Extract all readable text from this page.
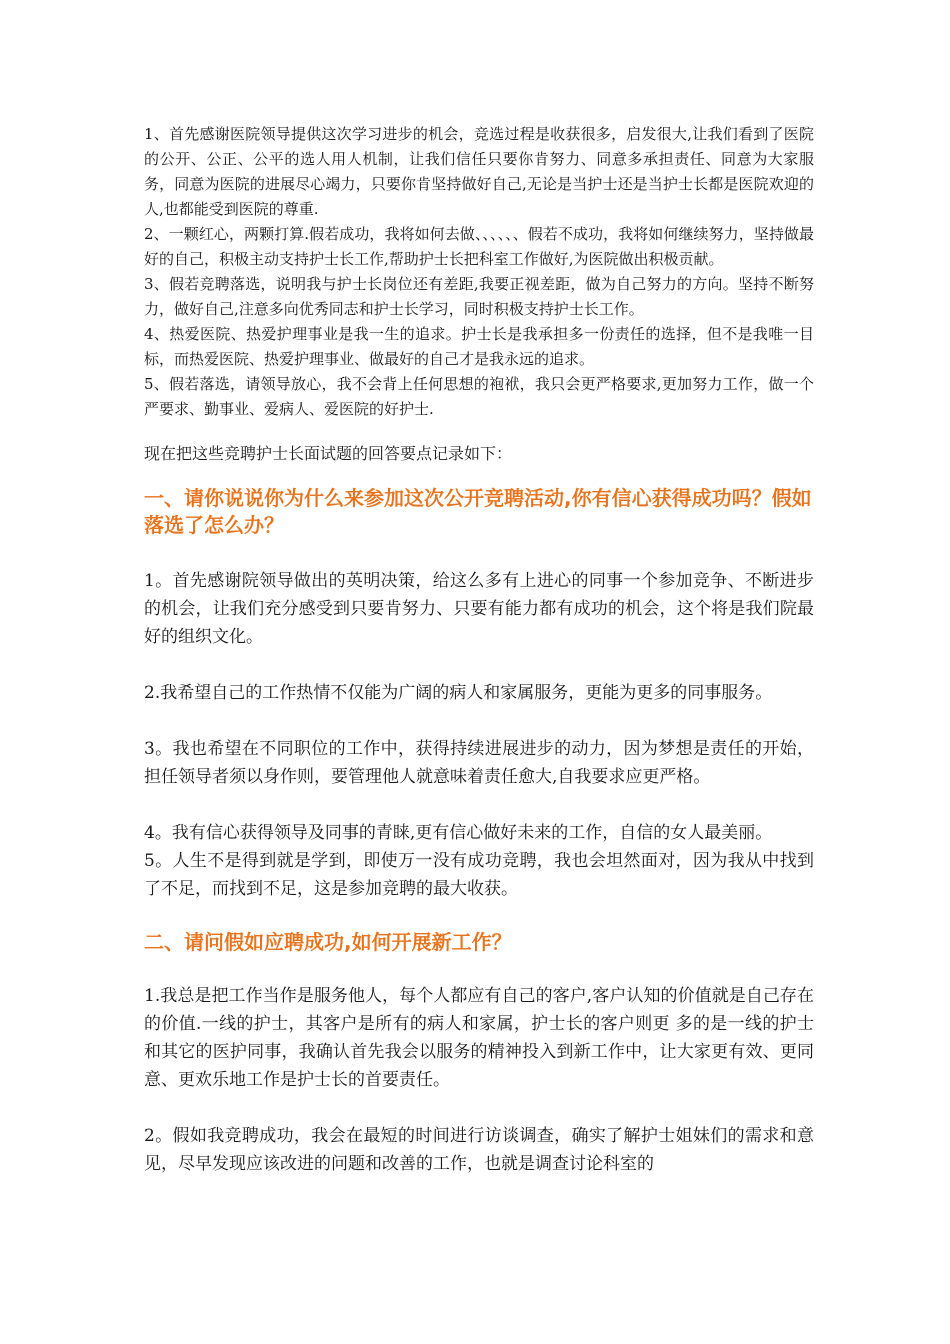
1、首先感谢医院领导提供这次学习进步的机会，竞选过程是收获很多，启发很大,让我们看到了医院的公开、公正、公平的选人用人机制，让我们信任只要你肯努力、同意多承担责任、同意为大家服务，同意为医院的进展尽心竭力，只要你肯坚持做好自己,无论是当护士还是当护士长都是医院欢迎的人,也都能受到医院的尊重.

2、一颗红心，两颗打算.假若成功，我将如何去做、、、、、、假若不成功，我将如何继续努力，坚持做最好的自己，积极主动支持护士长工作,帮助护士长把科室工作做好,为医院做出积极贡献。

3、假若竞聘落选，说明我与护士长岗位还有差距,我要正视差距，做为自己努力的方向。坚持不断努力，做好自己,注意多向优秀同志和护士长学习，同时积极支持护士长工作。

4、热爱医院、热爱护理事业是我一生的追求。护士长是我承担多一份责任的选择，但不是我唯一目标，而热爱医院、热爱护理事业、做最好的自己才是我永远的追求。

5、假若落选，请领导放心，我不会背上任何思想的袍袱，我只会更严格要求,更加努力工作，做一个严要求、勤事业、爱病人、爱医院的好护士.

现在把这些竞聘护士长面试题的回答要点记录如下：

一、请你说说你为什么来参加这次公开竞聘活动,你有信心获得成功吗？假如落选了怎么办？

1。首先感谢院领导做出的英明决策，给这么多有上进心的同事一个参加竞争、不断进步的机会，让我们充分感受到只要肯努力、只要有能力都有成功的机会，这个将是我们院最好的组织文化。

2.我希望自己的工作热情不仅能为广阔的病人和家属服务，更能为更多的同事服务。

3。我也希望在不同职位的工作中，获得持续进展进步的动力，因为梦想是责任的开始，担任领导者须以身作则，要管理他人就意味着责任愈大,自我要求应更严格。

4。我有信心获得领导及同事的青睐,更有信心做好未来的工作，自信的女人最美丽。

5。人生不是得到就是学到，即使万一没有成功竞聘，我也会坦然面对，因为我从中找到了不足，而找到不足，这是参加竞聘的最大收获。

二、请问假如应聘成功,如何开展新工作？

1.我总是把工作当作是服务他人，每个人都应有自己的客户,客户认知的价值就是自己存在的价值.一线的护士，其客户是所有的病人和家属，护士长的客户则更 多的是一线的护士和其它的医护同事，我确认首先我会以服务的精神投入到新工作中，让大家更有效、更同意、更欢乐地工作是护士长的首要责任。

2。假如我竞聘成功，我会在最短的时间进行访谈调查，确实了解护士姐妹们的需求和意见，尽早发现应该改进的问题和改善的工作，也就是调查讨论科室的
